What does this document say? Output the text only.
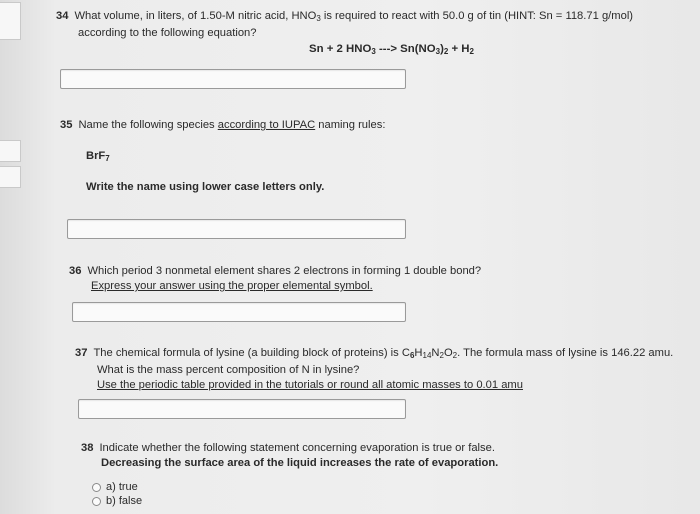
34 What volume, in liters, of 1.50-M nitric acid, $HNO_3$ is required to react with 50.0 g of tin (HINT: Sn = 118.71 g/mol)
according to the following equation?
Sn + 2 $HNO_3$ ---> $Sn(NO_3)_2 + H_2$
35 Name the following species according to IUPAC naming rules:
BrF$_7$
Write the name using lower case letters only.
36 Which period 3 nonmetal element shares 2 electrons in forming 1 double bond?
Express your answer using the proper elemental symbol.
37 The chemical formula of lysine (a building block of proteins) is $C_6H_{14}N_2O_2$. The formula mass of lysine is 146.22 amu.
What is the mass percent composition of N in lysine?
Use the periodic table provided in the tutorials or round all atomic masses to 0.01 amu
38 Indicate whether the following statement concerning evaporation is true or false.
Decreasing the surface area of the liquid increases the rate of evaporation.
a) true
b) false
